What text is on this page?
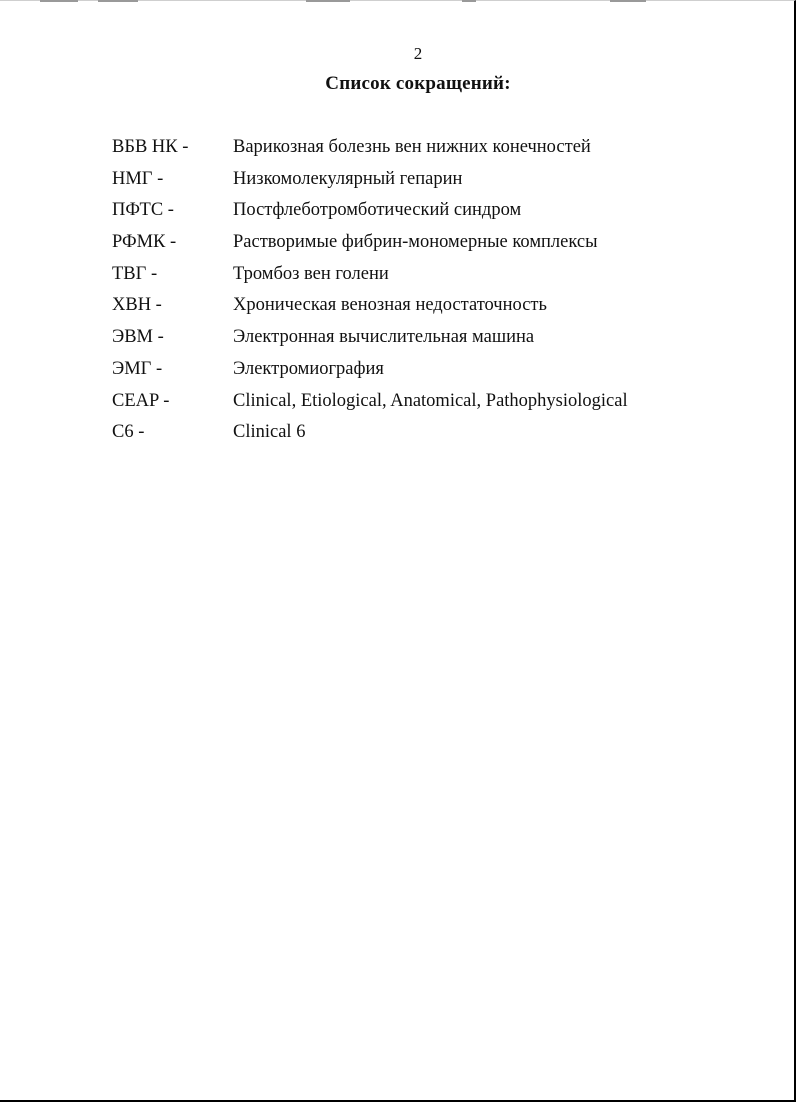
2
Список сокращений:
ВБВ НК - Варикозная болезнь вен нижних конечностей
НМГ -	Низкомолекулярный гепарин
ПФТС -	Постфлеботромботический синдром
РФМК -	Растворимые фибрин-мономерные комплексы
ТВГ -	Тромбоз вен голени
ХВН -	Хроническая венозная недостаточность
ЭВМ -	Электронная вычислительная машина
ЭМГ -	Электромиография
CEAP -	Clinical, Etiological, Anatomical, Pathophysiological
C6 -	Clinical 6
